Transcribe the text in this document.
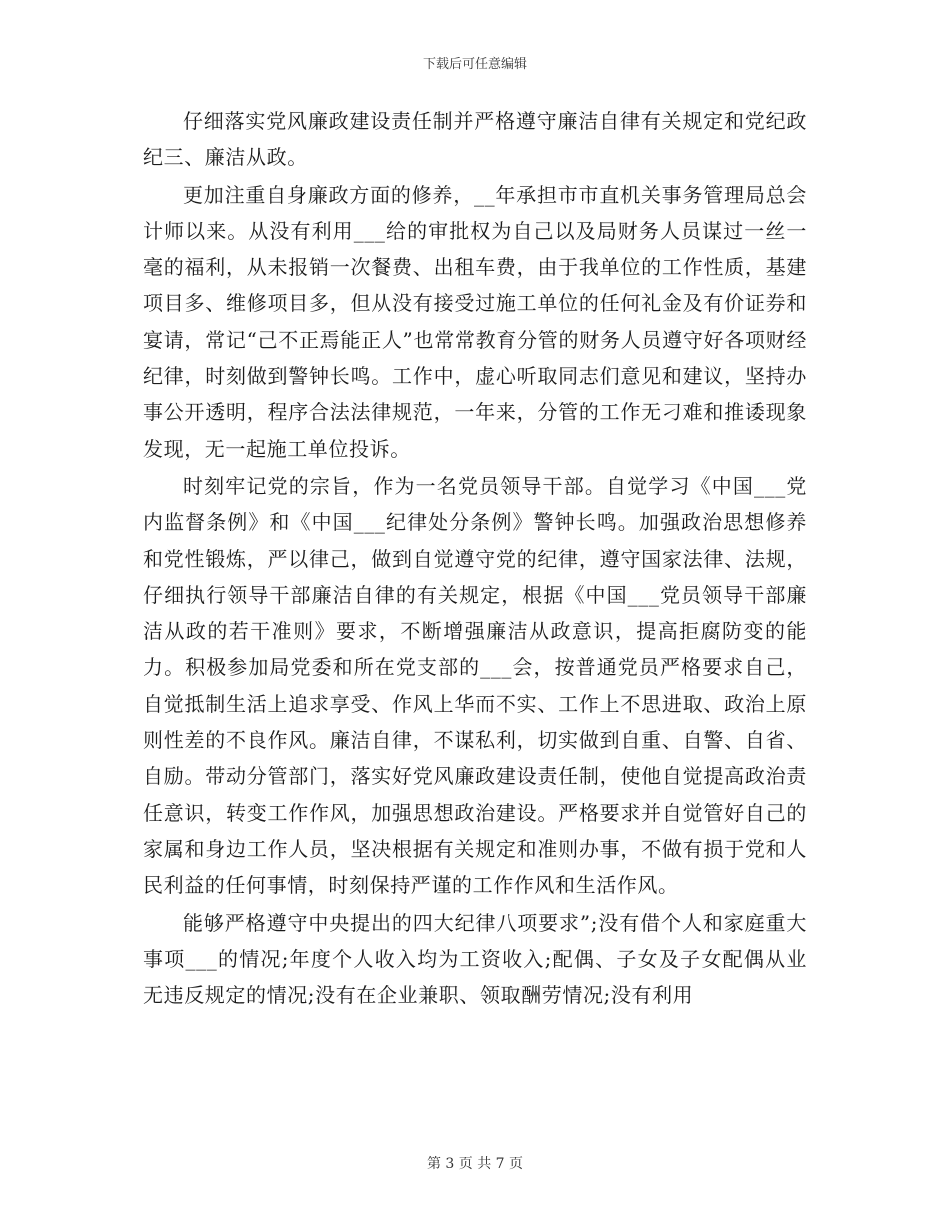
下载后可任意编辑

仔细落实党风廉政建设责任制并严格遵守廉洁自律有关规定和党纪政纪三、廉洁从政。

更加注重自身廉政方面的修养，__年承担市市直机关事务管理局总会计师以来。从没有利用___给的审批权为自己以及局财务人员谋过一丝一毫的福利，从未报销一次餐费、出租车费，由于我单位的工作性质，基建项目多、维修项目多，但从没有接受过施工单位的任何礼金及有价证券和宴请，常记“己不正焉能正人”也常常教育分管的财务人员遵守好各项财经纪律，时刻做到警钟长鸣。工作中，虚心听取同志们意见和建议，坚持办事公开透明，程序合法法律规范，一年来，分管的工作无刁难和推诿现象发现，无一起施工单位投诉。

时刻牢记党的宗旨，作为一名党员领导干部。自觉学习《中国___党内监督条例》和《中国___纪律处分条例》警钟长鸣。加强政治思想修养和党性锻炼，严以律己，做到自觉遵守党的纪律，遵守国家法律、法规，仔细执行领导干部廉洁自律的有关规定，根据《中国___党员领导干部廉洁从政的若干准则》要求，不断增强廉洁从政意识，提高拒腐防变的能力。积极参加局党委和所在党支部的___会，按普通党员严格要求自己，自觉抵制生活上追求享受、作风上华而不实、工作上不思进取、政治上原则性差的不良作风。廉洁自律，不谋私利，切实做到自重、自警、自省、自励。带动分管部门，落实好党风廉政建设责任制，使他自觉提高政治责任意识，转变工作作风，加强思想政治建设。严格要求并自觉管好自己的家属和身边工作人员，坚决根据有关规定和准则办事，不做有损于党和人民利益的任何事情，时刻保持严谨的工作作风和生活作风。

能够严格遵守中央提出的四大纪律八项要求”;没有借个人和家庭重大事项___的情况;年度个人收入均为工资收入;配偶、子女及子女配偶从业无违反规定的情况;没有在企业兼职、领取酬劳情况;没有利用

第 3 页 共 7 页
